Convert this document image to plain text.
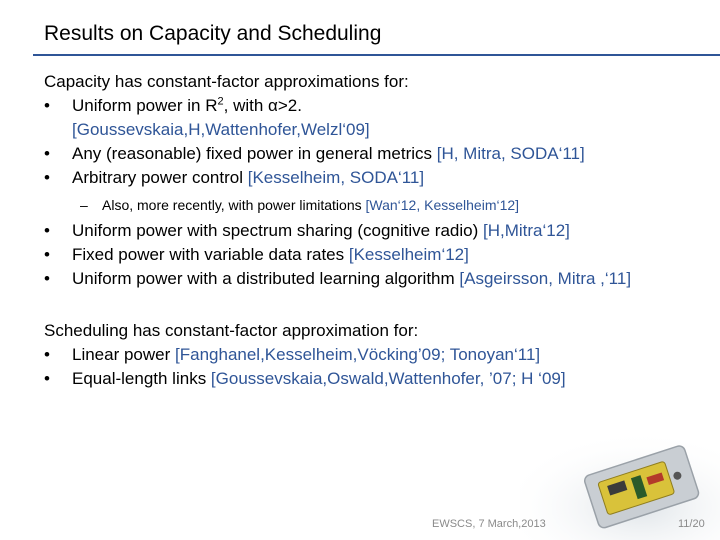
Results on Capacity and Scheduling

Capacity has constant-factor approximations for:

•	Uniform power in $R^2$, with α>2.
[Goussevskaia,H,Wattenhofer,Welzl‘09]
•	Any (reasonable) fixed power in general metrics [H, Mitra, SODA‘11]
•	Arbitrary power control [Kesselheim, SODA‘11]
–	Also, more recently, with power limitations [Wan‘12, Kesselheim‘12]
•	Uniform power with spectrum sharing (cognitive radio) [H,Mitra‘12]
•	Fixed power with variable data rates [Kesselheim‘12]
•	Uniform power with a distributed learning algorithm [Asgeirsson, Mitra ,‘11]

Scheduling has constant-factor approximation for:

•	Linear power [Fanghanel,Kesselheim,Vöcking’09; Tonoyan‘11]
•	Equal-length links [Goussevskaia,Oswald,Wattenhofer, ’07; H ‘09]
EWSCS, 7 March,2013	11/20
